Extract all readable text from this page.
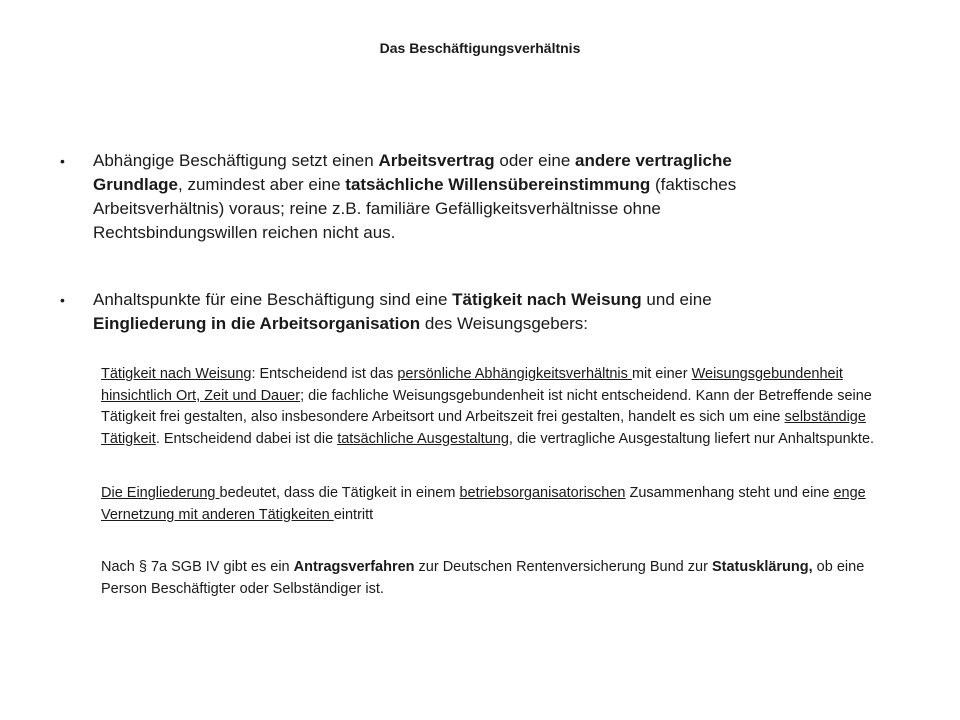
Das Beschäftigungsverhältnis
•	Abhängige Beschäftigung setzt einen Arbeitsvertrag oder eine andere vertragliche Grundlage, zumindest aber eine tatsächliche Willensübereinstimmung (faktisches Arbeitsverhältnis) voraus; reine z.B. familiäre Gefälligkeitsverhältnisse ohne Rechtsbindungswillen reichen nicht aus.
•	Anhaltspunkte für eine Beschäftigung sind eine Tätigkeit nach Weisung und eine Eingliederung in die Arbeitsorganisation des Weisungsgebers:
Tätigkeit nach Weisung: Entscheidend ist das persönliche Abhängigkeitsverhältnis mit einer Weisungsgebundenheit hinsichtlich Ort, Zeit und Dauer; die fachliche Weisungsgebundenheit ist nicht entscheidend. Kann der Betreffende seine Tätigkeit frei gestalten, also insbesondere Arbeitsort und Arbeitszeit frei gestalten, handelt es sich um eine selbständige Tätigkeit. Entscheidend dabei ist die tatsächliche Ausgestaltung, die vertragliche Ausgestaltung liefert nur Anhaltspunkte.
Die Eingliederung bedeutet, dass die Tätigkeit in einem betriebsorganisatorischen Zusammenhang steht und eine enge Vernetzung mit anderen Tätigkeiten eintritt
Nach § 7a SGB IV gibt es ein Antragsverfahren zur Deutschen Rentenversicherung Bund zur Statusklärung, ob eine Person Beschäftigter oder Selbständiger ist.
